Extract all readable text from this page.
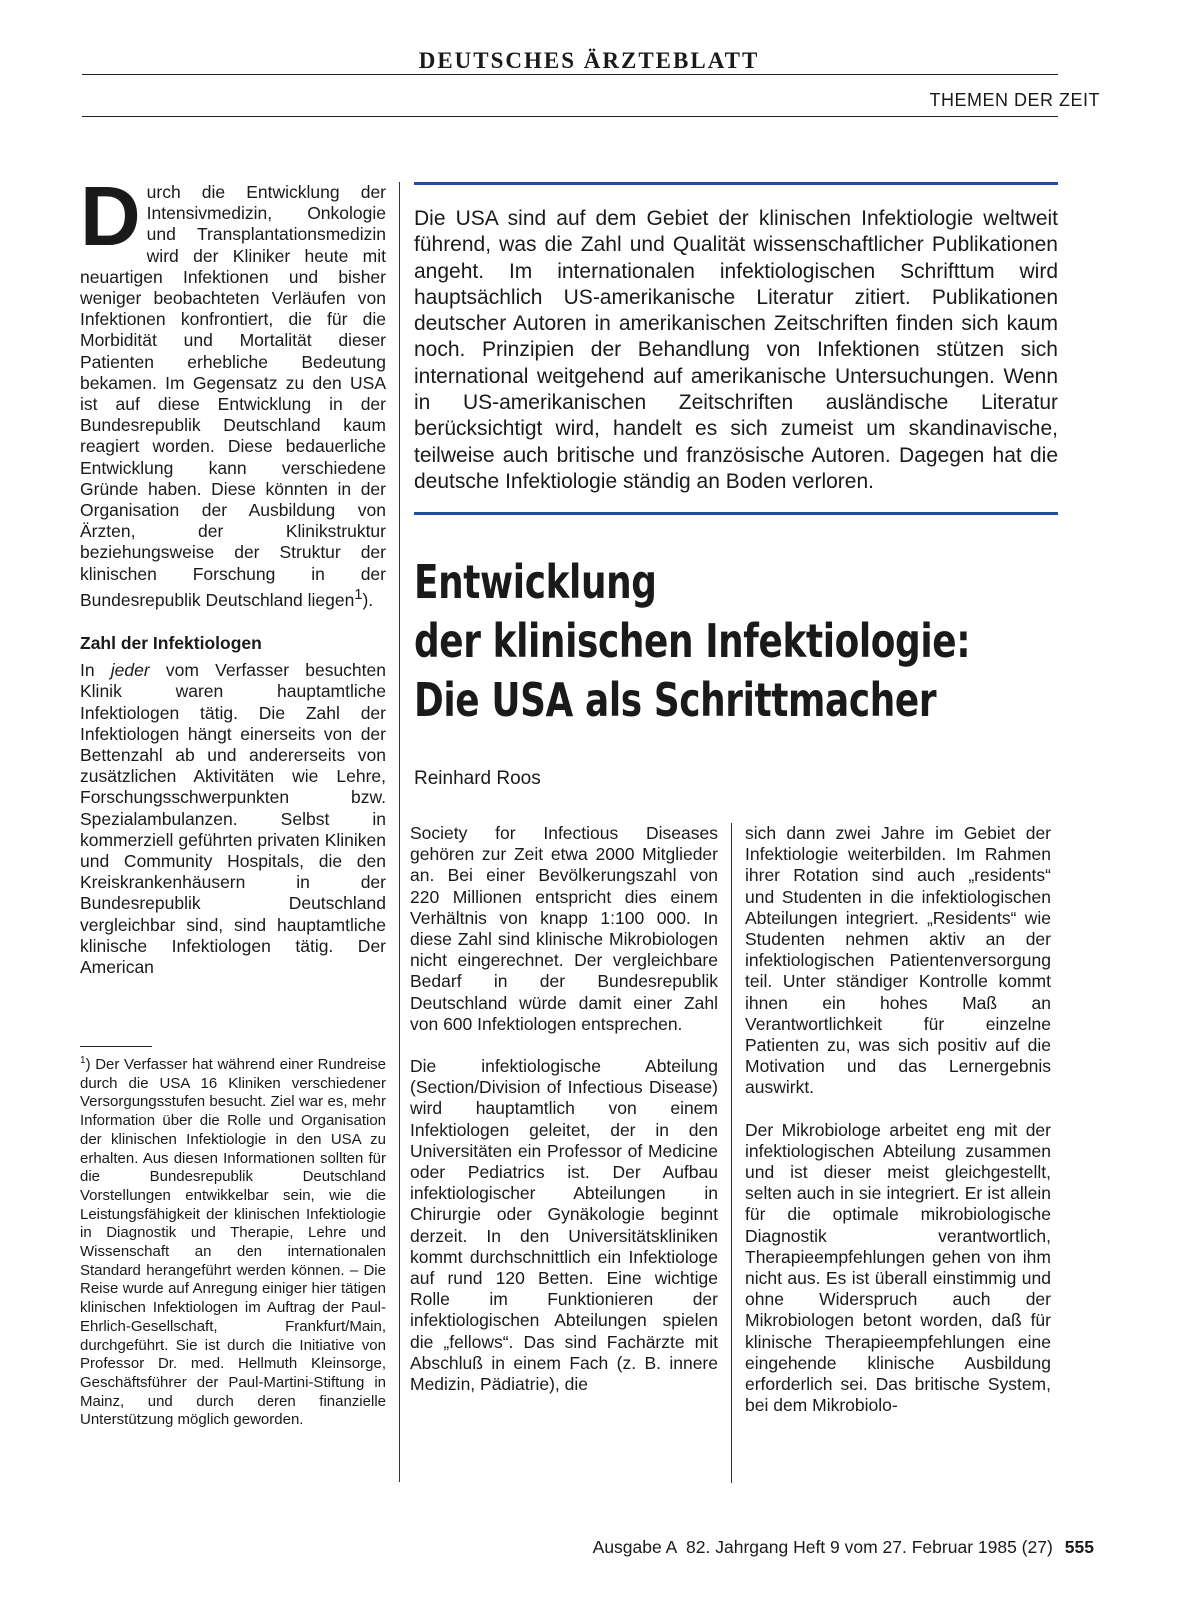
DEUTSCHES ÄRZTEBLATT
THEMEN DER ZEIT

Durch die Entwicklung der Intensivmedizin, Onkologie und Transplantationsmedizin wird der Kliniker heute mit neuartigen Infektionen und bisher weniger beobachteten Verläufen von Infektionen konfrontiert, die für die Morbidität und Mortalität dieser Patienten erhebliche Bedeutung bekamen. Im Gegensatz zu den USA ist auf diese Entwicklung in der Bundesrepublik Deutschland kaum reagiert worden. Diese bedauerliche Entwicklung kann verschiedene Gründe haben. Diese könnten in der Organisation der Ausbildung von Ärzten, der Klinikstruktur beziehungsweise der Struktur der klinischen Forschung in der Bundesrepublik Deutschland liegen$^1$).

Zahl der Infektiologen

In jeder vom Verfasser besuchten Klinik waren hauptamtliche Infektiologen tätig. Die Zahl der Infektiologen hängt einerseits von der Bettenzahl ab und andererseits von zusätzlichen Aktivitäten wie Lehre, Forschungsschwerpunkten bzw. Spezialambulanzen. Selbst in kommerziell geführten privaten Kliniken und Community Hospitals, die den Kreiskrankenhäusern in der Bundesrepublik Deutschland vergleichbar sind, sind hauptamtliche klinische Infektiologen tätig. Der American

$^1$) Der Verfasser hat während einer Rundreise durch die USA 16 Kliniken verschiedener Versorgungsstufen besucht. Ziel war es, mehr Information über die Rolle und Organisation der klinischen Infektiologie in den USA zu erhalten. Aus diesen Informationen sollten für die Bundesrepublik Deutschland Vorstellungen entwikkelbar sein, wie die Leistungsfähigkeit der klinischen Infektiologie in Diagnostik und Therapie, Lehre und Wissenschaft an den internationalen Standard herangeführt werden können. – Die Reise wurde auf Anregung einiger hier tätigen klinischen Infektiologen im Auftrag der Paul-Ehrlich-Gesellschaft, Frankfurt/Main, durchgeführt. Sie ist durch die Initiative von Professor Dr. med. Hellmuth Kleinsorge, Geschäftsführer der Paul-Martini-Stiftung in Mainz, und durch deren finanzielle Unterstützung möglich geworden.
Die USA sind auf dem Gebiet der klinischen Infektiologie weltweit führend, was die Zahl und Qualität wissenschaftlicher Publikationen angeht. Im internationalen infektiologischen Schrifttum wird hauptsächlich US-amerikanische Literatur zitiert. Publikationen deutscher Autoren in amerikanischen Zeitschriften finden sich kaum noch. Prinzipien der Behandlung von Infektionen stützen sich international weitgehend auf amerikanische Untersuchungen. Wenn in US-amerikanischen Zeitschriften ausländische Literatur berücksichtigt wird, handelt es sich zumeist um skandinavische, teilweise auch britische und französische Autoren. Dagegen hat die deutsche Infektiologie ständig an Boden verloren.
Entwicklung
der klinischen Infektiologie:
Die USA als Schrittmacher
Reinhard Roos

Society for Infectious Diseases gehören zur Zeit etwa 2000 Mitglieder an. Bei einer Bevölkerungszahl von 220 Millionen entspricht dies einem Verhältnis von knapp 1:100 000. In diese Zahl sind klinische Mikrobiologen nicht eingerechnet. Der vergleichbare Bedarf in der Bundesrepublik Deutschland würde damit einer Zahl von 600 Infektiologen entsprechen.

Die infektiologische Abteilung (Section/Division of Infectious Disease) wird hauptamtlich von einem Infektiologen geleitet, der in den Universitäten ein Professor of Medicine oder Pediatrics ist. Der Aufbau infektiologischer Abteilungen in Chirurgie oder Gynäkologie beginnt derzeit. In den Universitätskliniken kommt durchschnittlich ein Infektiologe auf rund 120 Betten. Eine wichtige Rolle im Funktionieren der infektiologischen Abteilungen spielen die „fellows“. Das sind Fachärzte mit Abschluß in einem Fach (z. B. innere Medizin, Pädiatrie), die

sich dann zwei Jahre im Gebiet der Infektiologie weiterbilden. Im Rahmen ihrer Rotation sind auch „residents“ und Studenten in die infektiologischen Abteilungen integriert. „Residents“ wie Studenten nehmen aktiv an der infektiologischen Patientenversorgung teil. Unter ständiger Kontrolle kommt ihnen ein hohes Maß an Verantwortlichkeit für einzelne Patienten zu, was sich positiv auf die Motivation und das Lernergebnis auswirkt.

Der Mikrobiologe arbeitet eng mit der infektiologischen Abteilung zusammen und ist dieser meist gleichgestellt, selten auch in sie integriert. Er ist allein für die optimale mikrobiologische Diagnostik verantwortlich, Therapieempfehlungen gehen von ihm nicht aus. Es ist überall einstimmig und ohne Widerspruch auch der Mikrobiologen betont worden, daß für klinische Therapieempfehlungen eine eingehende klinische Ausbildung erforderlich sei. Das britische System, bei dem Mikrobiolo-

Ausgabe A  82. Jahrgang Heft 9 vom 27. Februar 1985 (27) 555
